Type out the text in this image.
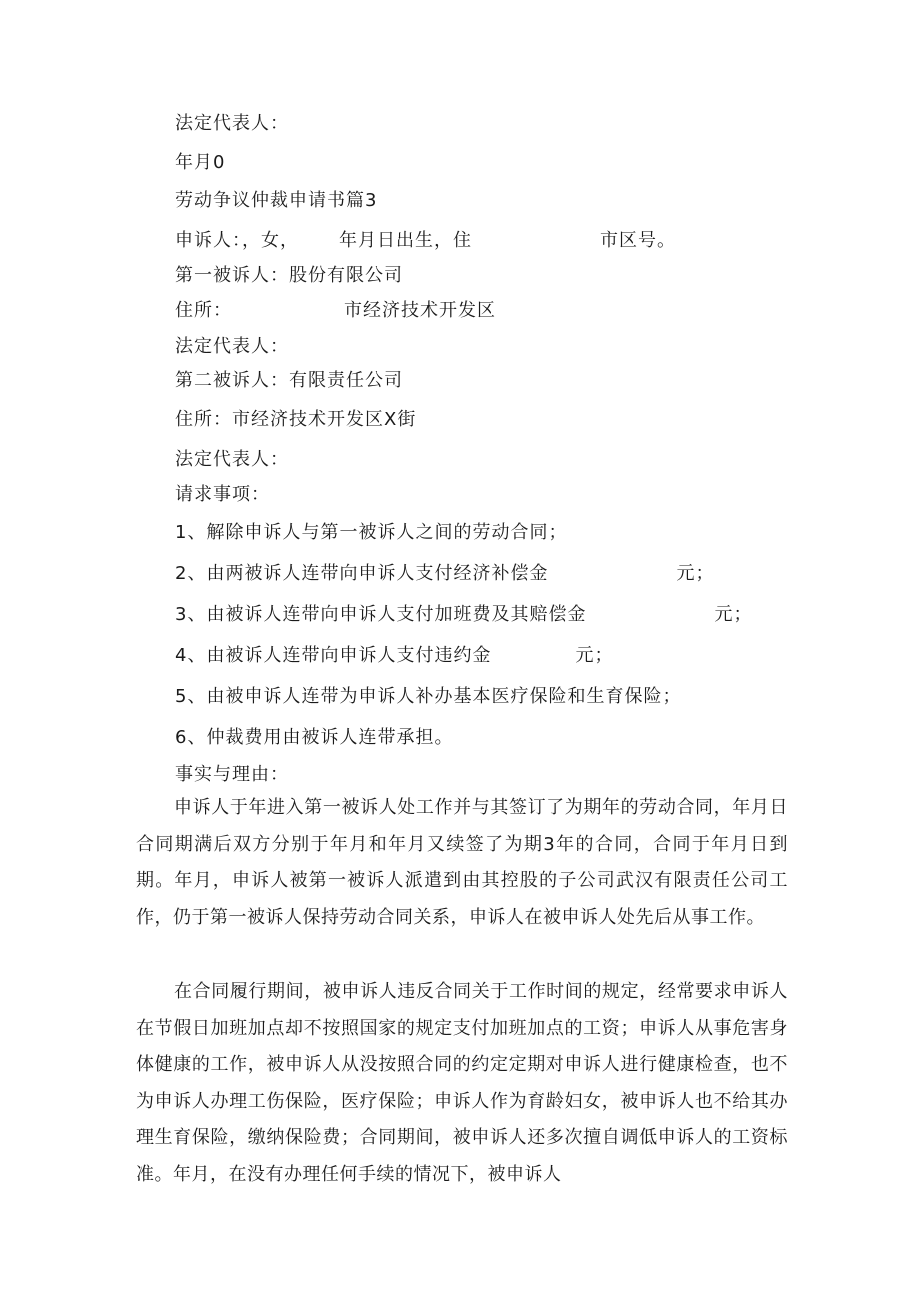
法定代表人：
年月0
劳动争议仲裁申请书篇3
申诉人：，女， 年月日出生，住	市区号。
第一被诉人：股份有限公司
住所：	市经济技术开发区
法定代表人：
第二被诉人：有限责任公司
住所：市经济技术开发区X街
法定代表人：
请求事项：
1、解除申诉人与第一被诉人之间的劳动合同；
2、由两被诉人连带向申诉人支付经济补偿金	元；
3、由被诉人连带向申诉人支付加班费及其赔偿金	元；
4、由被诉人连带向申诉人支付违约金	元；
5、由被申诉人连带为申诉人补办基本医疗保险和生育保险；
6、仲裁费用由被诉人连带承担。
事实与理由：
申诉人于年进入第一被诉人处工作并与其签订了为期年的劳动合同，年月日合同期满后双方分别于年月和年月又续签了为期3年的合同，合同于年月日到期。年月，申诉人被第一被诉人派遣到由其控股的子公司武汉有限责任公司工作，仍于第一被诉人保持劳动合同关系，申诉人在被申诉人处先后从事工作。
在合同履行期间，被申诉人违反合同关于工作时间的规定，经常要求申诉人在节假日加班加点却不按照国家的规定支付加班加点的工资；申诉人从事危害身体健康的工作，被申诉人从没按照合同的约定定期对申诉人进行健康检查，也不为申诉人办理工伤保险，医疗保险；申诉人作为育龄妇女，被申诉人也不给其办理生育保险，缴纳保险费；合同期间，被申诉人还多次擅自调低申诉人的工资标准。年月，在没有办理任何手续的情况下，被申诉人
